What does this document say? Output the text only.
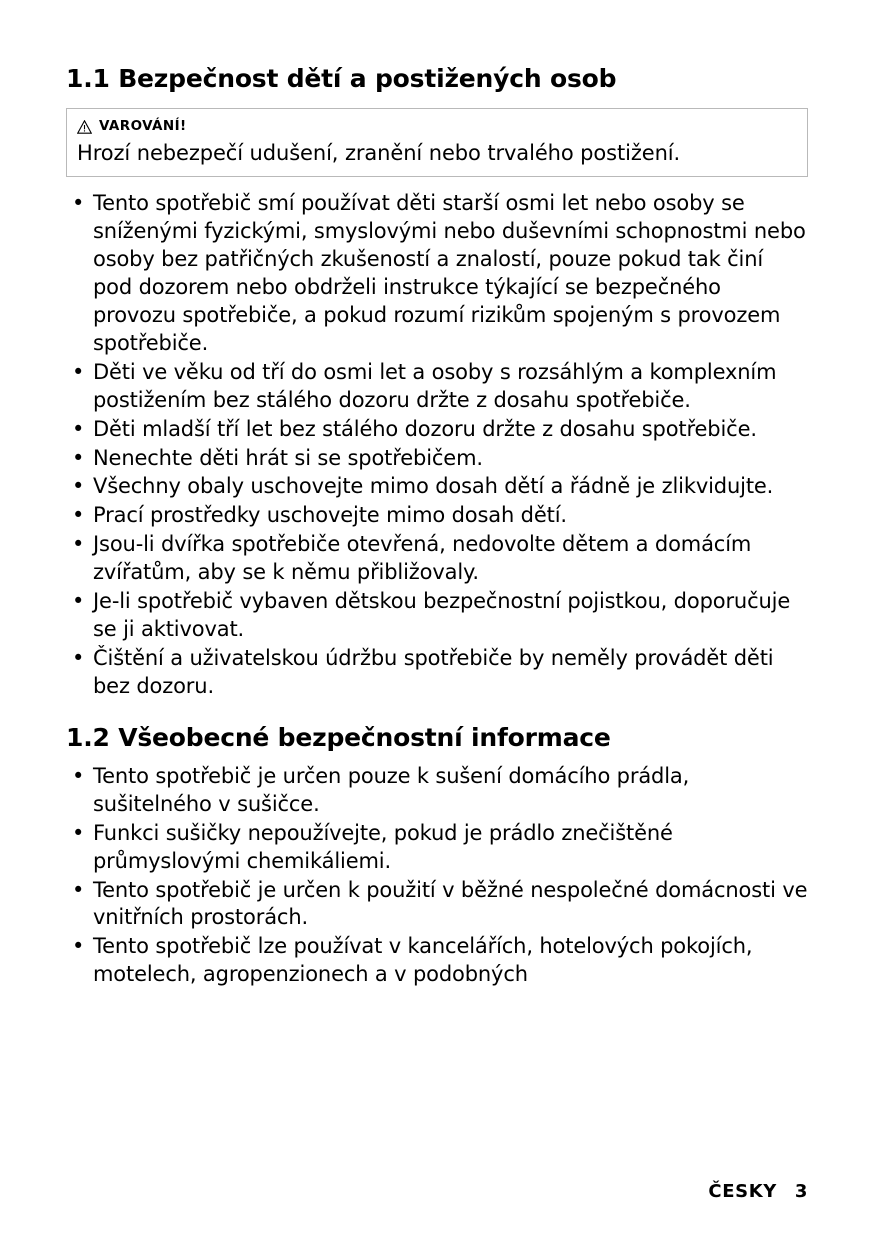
1.1 Bezpečnost dětí a postižených osob
VAROVÁNÍ!
Hrozí nebezpečí udušení, zranění nebo trvalého postižení.
• Tento spotřebič smí používat děti starší osmi let nebo osoby se sníženými fyzickými, smyslovými nebo duševními schopnostmi nebo osoby bez patřičných zkušeností a znalostí, pouze pokud tak činí pod dozorem nebo obdrželi instrukce týkající se bezpečného provozu spotřebiče, a pokud rozumí rizikům spojeným s provozem spotřebiče.
• Děti ve věku od tří do osmi let a osoby s rozsáhlým a komplexním postižením bez stálého dozoru držte z dosahu spotřebiče.
• Děti mladší tří let bez stálého dozoru držte z dosahu spotřebiče.
• Nenechte děti hrát si se spotřebičem.
• Všechny obaly uschovejte mimo dosah dětí a řádně je zlikvidujte.
• Prací prostředky uschovejte mimo dosah dětí.
• Jsou-li dvířka spotřebiče otevřená, nedovolte dětem a domácím zvířatům, aby se k němu přibližovaly.
• Je-li spotřebič vybaven dětskou bezpečnostní pojistkou, doporučuje se ji aktivovat.
• Čištění a uživatelskou údržbu spotřebiče by neměly provádět děti bez dozoru.
1.2 Všeobecné bezpečnostní informace
• Tento spotřebič je určen pouze k sušení domácího prádla, sušitelného v sušičce.
• Funkci sušičky nepoužívejte, pokud je prádlo znečištěné průmyslovými chemikáliemi.
• Tento spotřebič je určen k použití v běžné nespolečné domácnosti ve vnitřních prostorách.
• Tento spotřebič lze používat v kancelářích, hotelových pokojích, motelech, agropenzionech a v podobných
ČESKY 3
